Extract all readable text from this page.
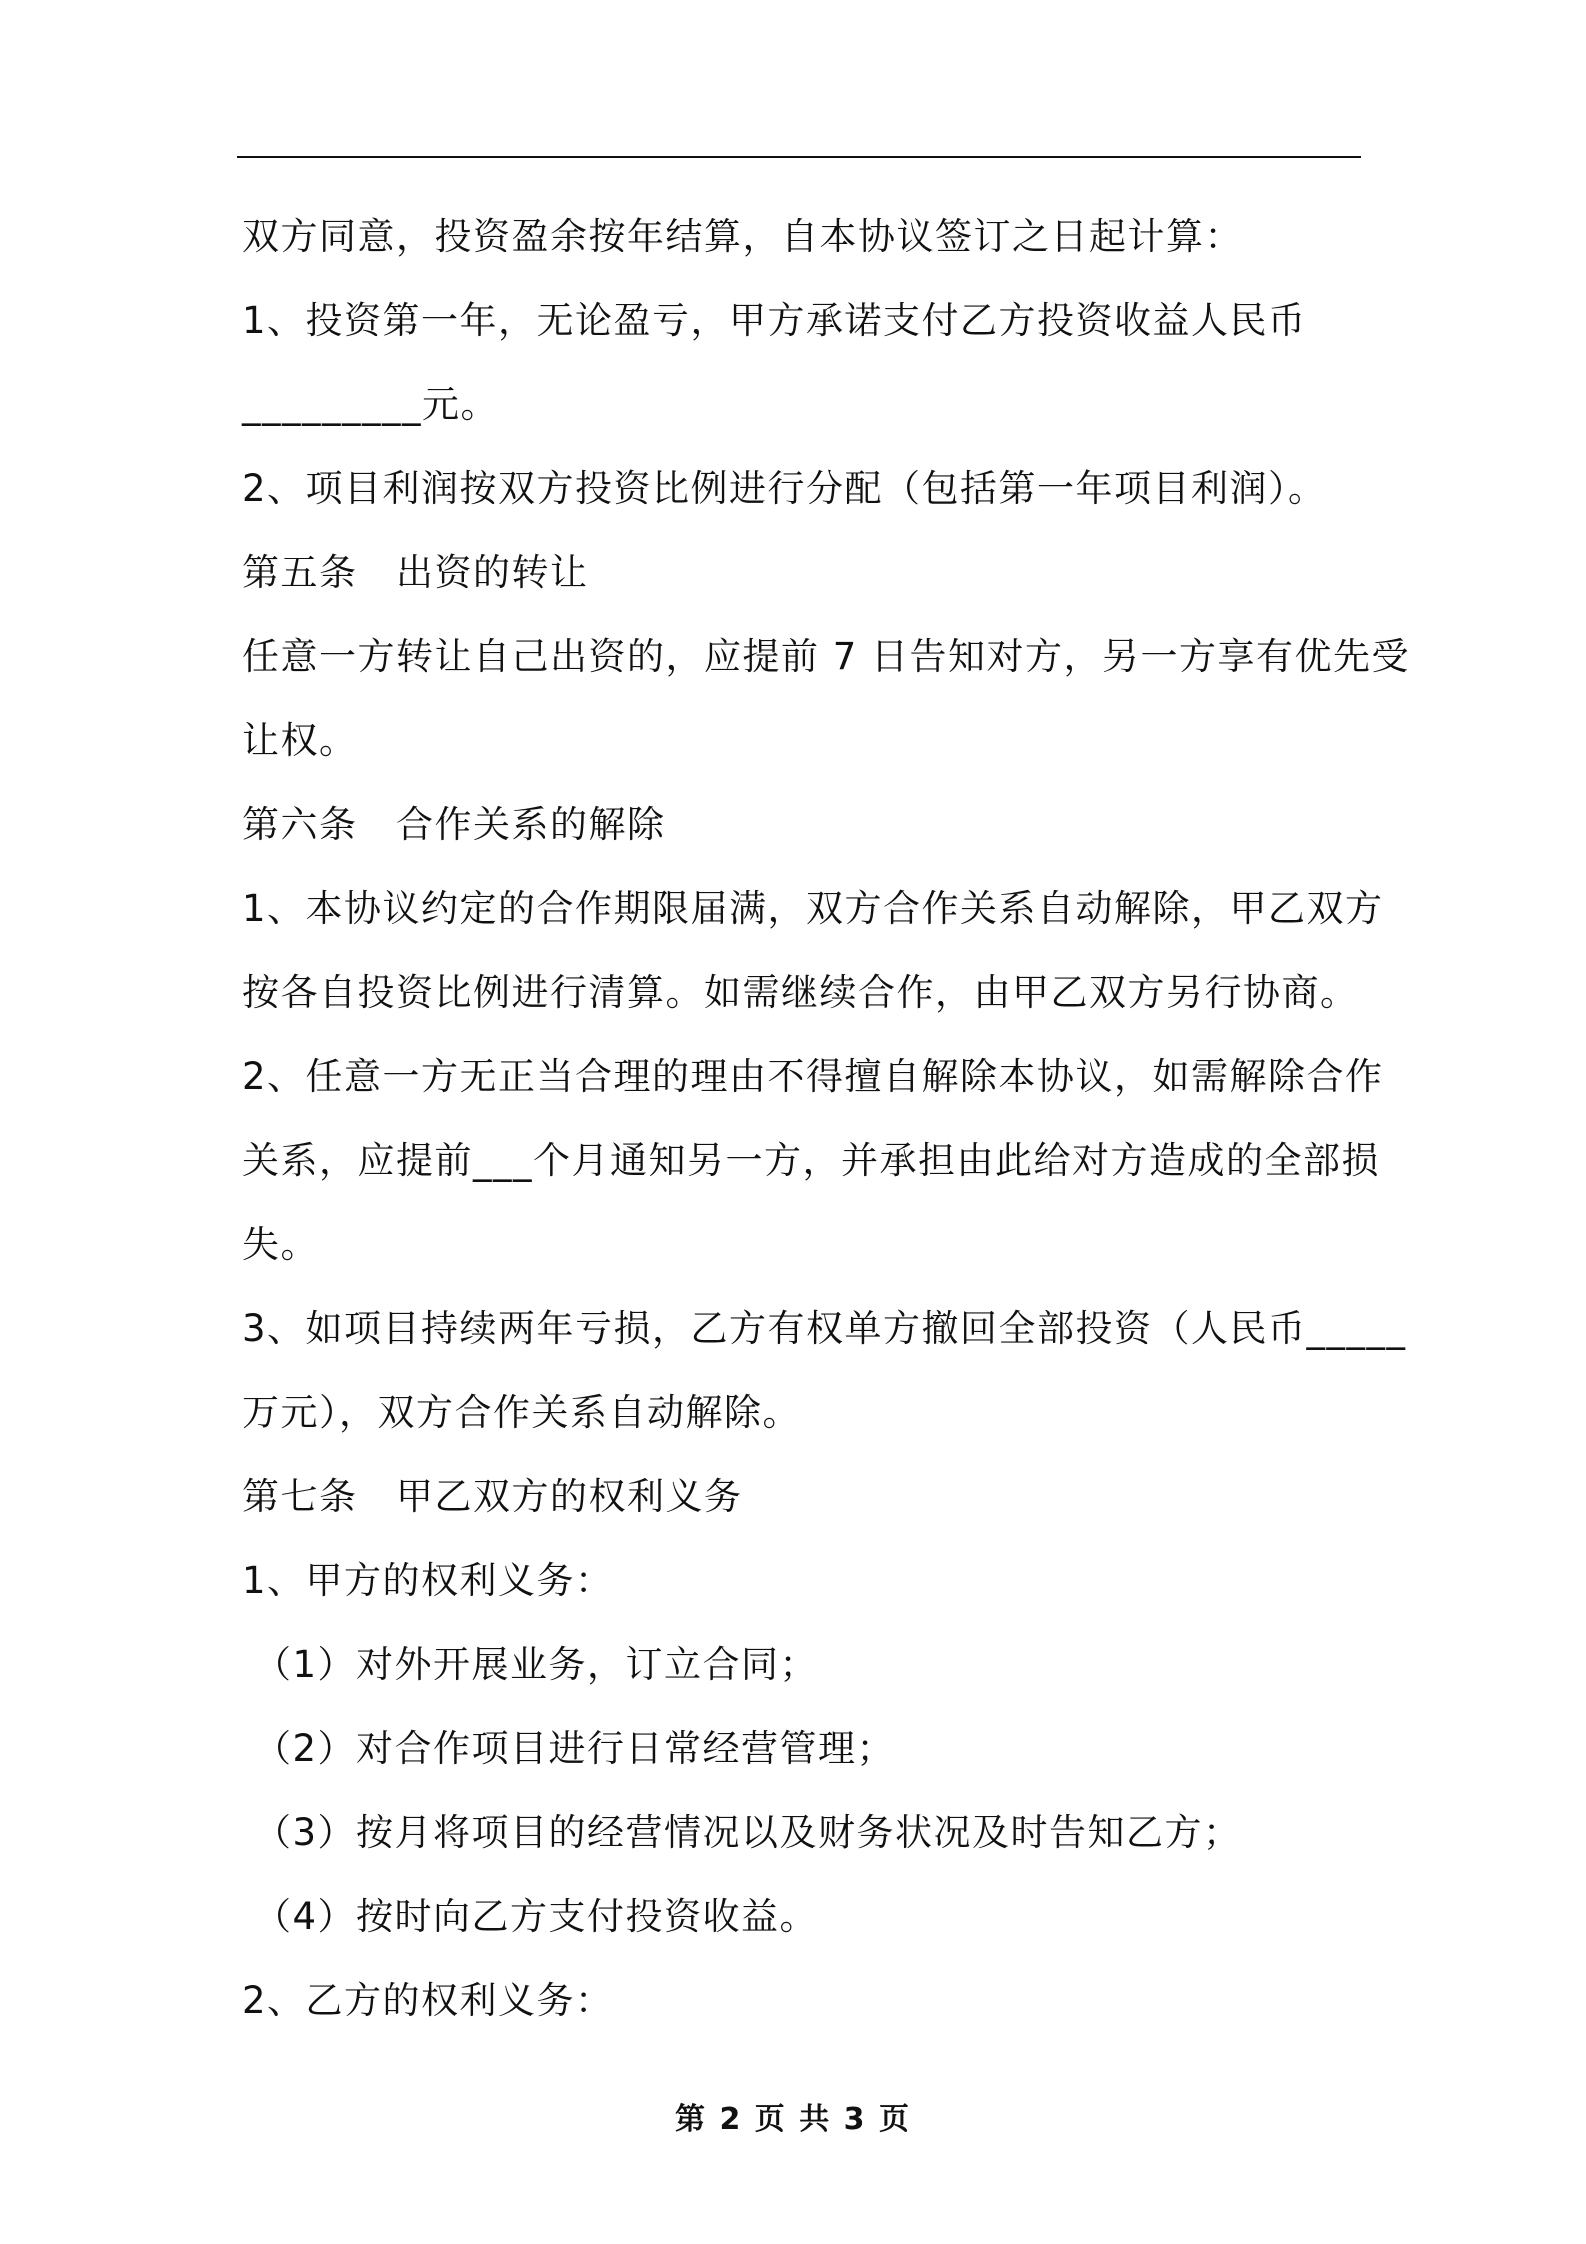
双方同意，投资盈余按年结算，自本协议签订之日起计算：
1、投资第一年，无论盈亏，甲方承诺支付乙方投资收益人民币
_________元。
2、项目利润按双方投资比例进行分配（包括第一年项目利润）。
第五条　出资的转让
任意一方转让自己出资的，应提前 7 日告知对方，另一方享有优先受
让权。
第六条　合作关系的解除
1、本协议约定的合作期限届满，双方合作关系自动解除，甲乙双方
按各自投资比例进行清算。如需继续合作，由甲乙双方另行协商。
2、任意一方无正当合理的理由不得擅自解除本协议，如需解除合作
关系，应提前___个月通知另一方，并承担由此给对方造成的全部损
失。
3、如项目持续两年亏损，乙方有权单方撤回全部投资（人民币_____
万元），双方合作关系自动解除。
第七条　甲乙双方的权利义务
1、甲方的权利义务：
（1）对外开展业务，订立合同；
（2）对合作项目进行日常经营管理；
（3）按月将项目的经营情况以及财务状况及时告知乙方；
（4）按时向乙方支付投资收益。
2、乙方的权利义务：
第 2 页 共 3 页
